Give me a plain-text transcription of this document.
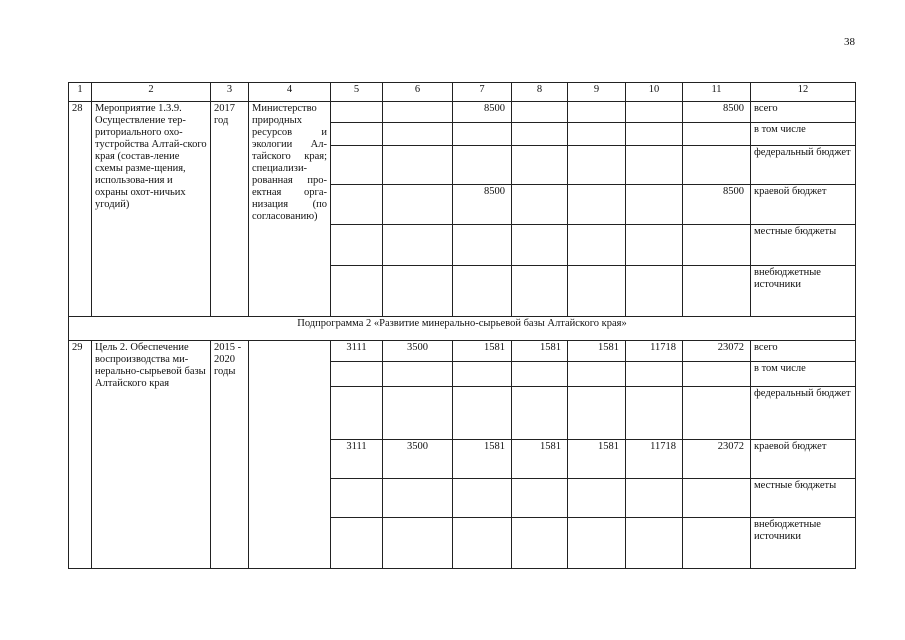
38
1	2	3	4	5	6	7	8	9	10	11	12
28	Мероприятие 1.3.9. Осуществление тер-риториального охо-тустройства Алтай-ского края (состав-ление схемы разме-щения, использова-ния и охраны охот-ничьих угодий)	2017 год	Министерство природных ресурсов и экологии Ал-тайского края; специализи-рованная про-ектная орга-низация (по согласованию)			8500				8500	всего
											в том числе
											федеральный бюджет
						8500				8500	краевой бюджет
											местные бюджеты
											внебюджетные источники
Подпрограмма 2 «Развитие минерально-сырьевой базы Алтайского края»											
29	Цель 2. Обеспечение воспроизводства ми-нерально-сырьевой базы Алтайского края	2015 - 2020 годы		3111	3500	1581	1581	1581	11718	23072	всего
											в том числе
											федеральный бюджет
				3111	3500	1581	1581	1581	11718	23072	краевой бюджет
											местные бюджеты
											внебюджетные источники
